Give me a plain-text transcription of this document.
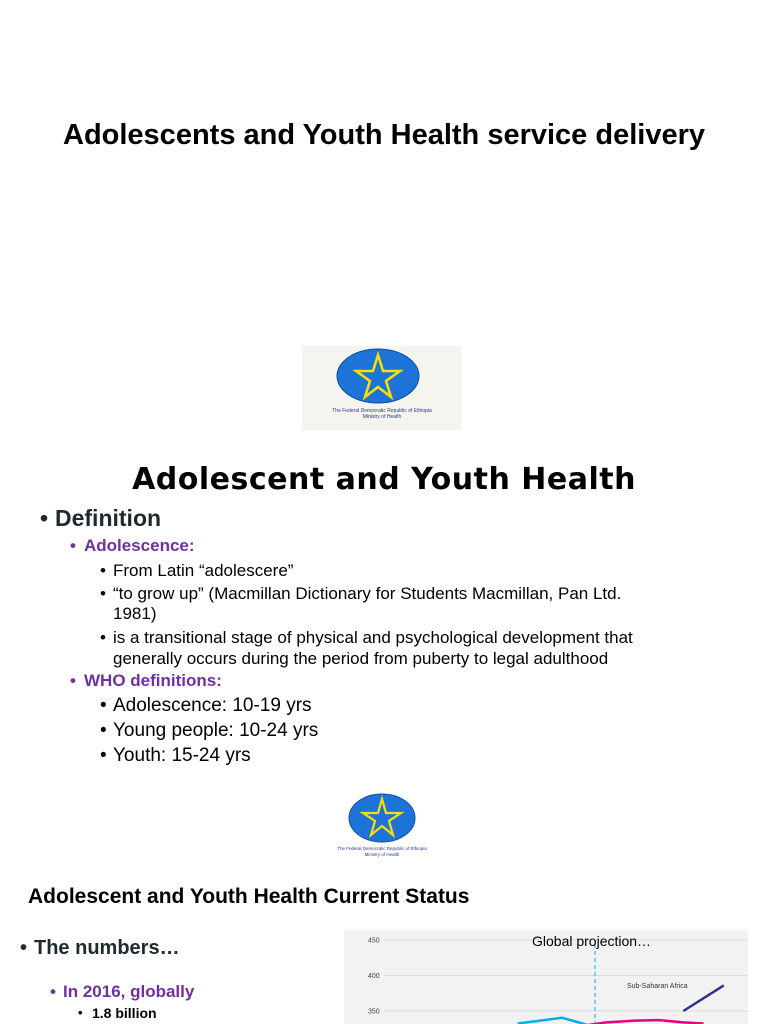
Adolescents and Youth Health service delivery
The Federal Democratic Republic of Ethiopia
Ministry of Health
Adolescent and Youth Health
• Definition
• Adolescence:
• From Latin “adolescere”
• “to grow up” (Macmillan Dictionary for Students Macmillan, Pan Ltd.
1981)
• is a transitional stage of physical and psychological development that
generally occurs during the period from puberty to legal adulthood
• WHO definitions:
• Adolescence: 10-19 yrs
• Young people: 10-24 yrs
• Youth: 15-24 yrs
The Federal Democratic Republic of Ethiopia
Ministry of Health
Adolescent and Youth Health Current Status
• The numbers…
• In 2016, globally
• 1.8 billion
450
400
350
Sub-Saharan Africa
Global projection…
